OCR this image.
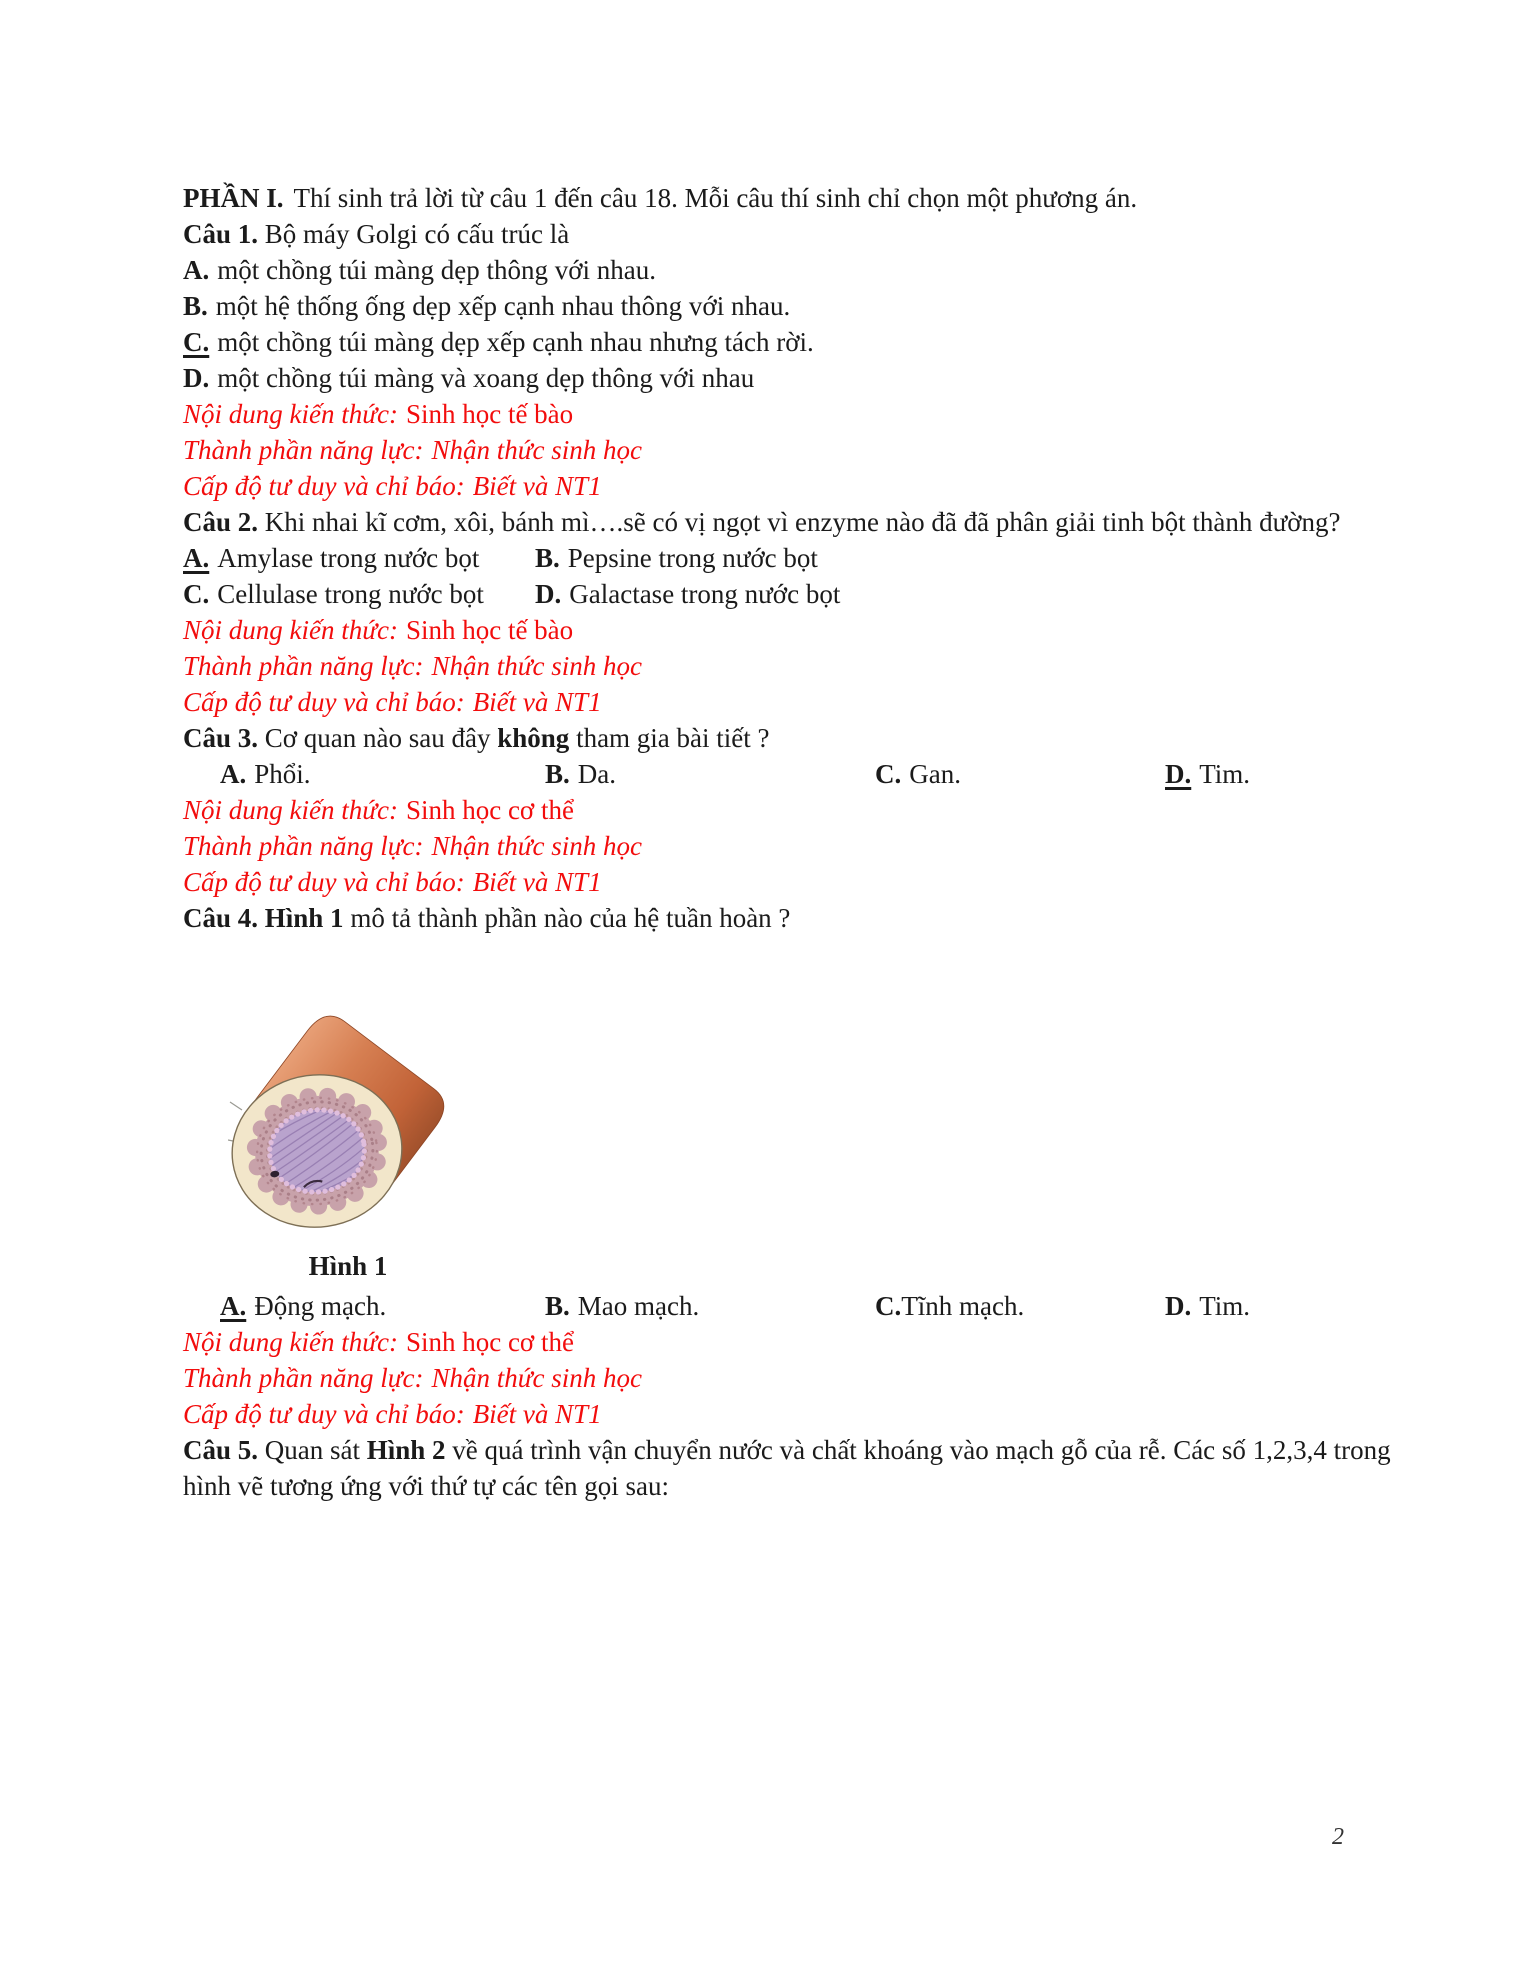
PHẦN I. Thí sinh trả lời từ câu 1 đến câu 18. Mỗi câu thí sinh chỉ chọn một phương án.
Câu 1. Bộ máy Golgi có cấu trúc là
A. một chồng túi màng dẹp thông với nhau.
B. một hệ thống ống dẹp xếp cạnh nhau thông với nhau.
C. một chồng túi màng dẹp xếp cạnh nhau nhưng tách rời.
D. một chồng túi màng và xoang dẹp thông với nhau
Nội dung kiến thức: Sinh học tế bào
Thành phần năng lực: Nhận thức sinh học
Cấp độ tư duy và chỉ báo: Biết và NT1
Câu 2. Khi nhai kĩ cơm, xôi, bánh mì….sẽ có vị ngọt vì enzyme nào đã đã phân giải tinh bột thành đường?
A. Amylase trong nước bọt B. Pepsine trong nước bọt
C. Cellulase trong nước bọt D. Galactase trong nước bọt
Nội dung kiến thức: Sinh học tế bào
Thành phần năng lực: Nhận thức sinh học
Cấp độ tư duy và chỉ báo: Biết và NT1
Câu 3. Cơ quan nào sau đây không tham gia bài tiết ?
A. Phổi.	B. Da.	C. Gan.	D. Tim.
Nội dung kiến thức: Sinh học cơ thể
Thành phần năng lực: Nhận thức sinh học
Cấp độ tư duy và chỉ báo: Biết và NT1
Câu 4. Hình 1 mô tả thành phần nào của hệ tuần hoàn ?
Hình 1
A. Động mạch.	B. Mao mạch.	C.Tĩnh mạch.	D. Tim.
Nội dung kiến thức: Sinh học cơ thể
Thành phần năng lực: Nhận thức sinh học
Cấp độ tư duy và chỉ báo: Biết và NT1
Câu 5. Quan sát Hình 2 về quá trình vận chuyển nước và chất khoáng vào mạch gỗ của rễ. Các số 1,2,3,4 trong hình vẽ tương ứng với thứ tự các tên gọi sau:
2
